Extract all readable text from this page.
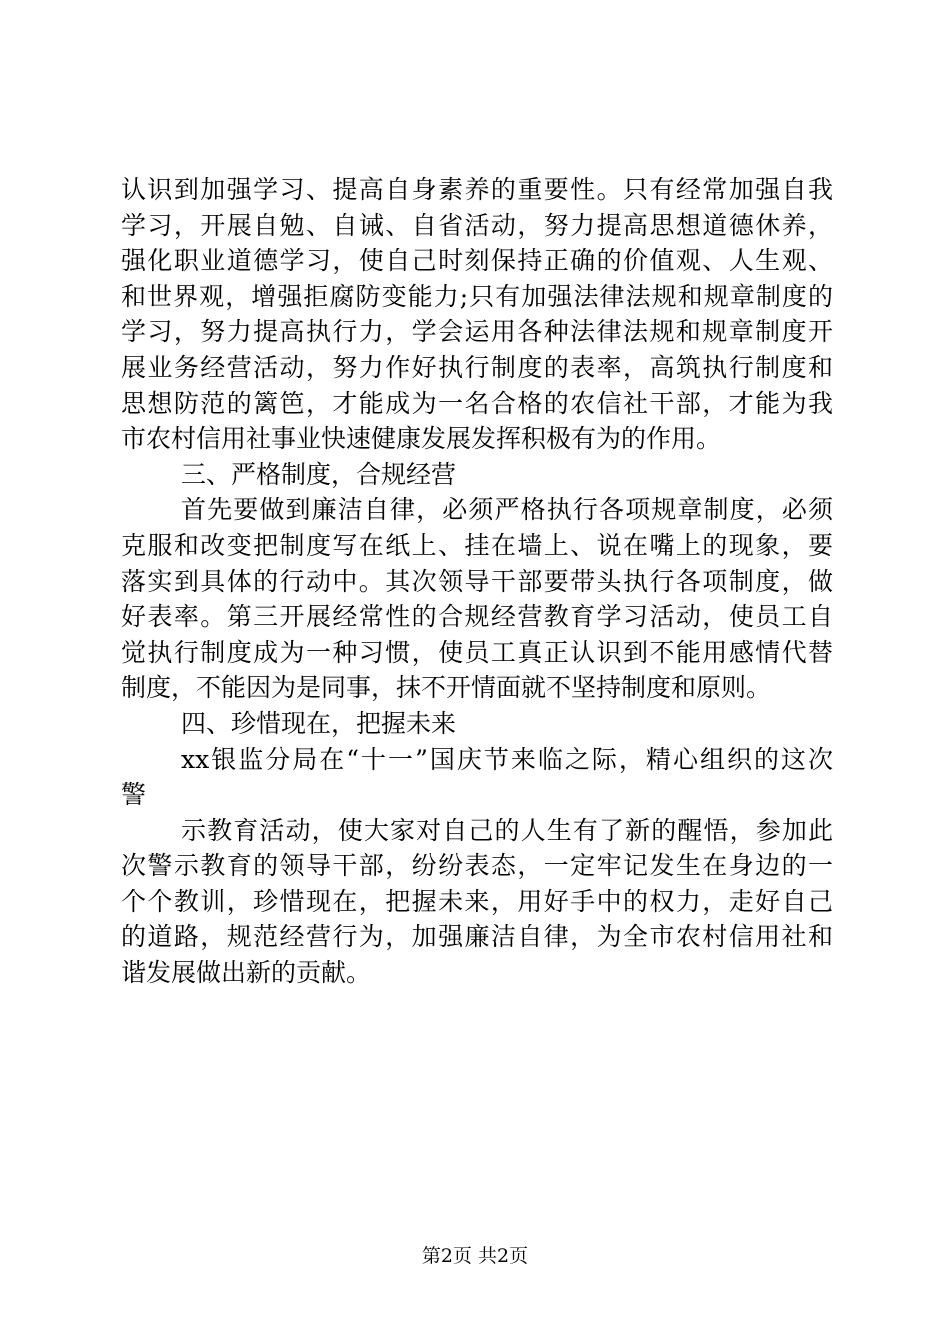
认识到加强学习、提高自身素养的重要性。只有经常加强自我
学习，开展自勉、自诫、自省活动，努力提高思想道德休养，
强化职业道德学习，使自己时刻保持正确的价值观、人生观、
和世界观，增强拒腐防变能力;只有加强法律法规和规章制度的
学习，努力提高执行力，学会运用各种法律法规和规章制度开
展业务经营活动，努力作好执行制度的表率，高筑执行制度和
思想防范的篱笆，才能成为一名合格的农信社干部，才能为我
市农村信用社事业快速健康发展发挥积极有为的作用。
三、严格制度，合规经营
首先要做到廉洁自律，必须严格执行各项规章制度，必须
克服和改变把制度写在纸上、挂在墙上、说在嘴上的现象，要
落实到具体的行动中。其次领导干部要带头执行各项制度，做
好表率。第三开展经常性的合规经营教育学习活动，使员工自
觉执行制度成为一种习惯，使员工真正认识到不能用感情代替
制度，不能因为是同事，抹不开情面就不坚持制度和原则。
四、珍惜现在，把握未来
xx银监分局在“十一”国庆节来临之际，精心组织的这次
警
示教育活动，使大家对自己的人生有了新的醒悟，参加此
次警示教育的领导干部，纷纷表态，一定牢记发生在身边的一
个个教训，珍惜现在，把握未来，用好手中的权力，走好自己
的道路，规范经营行为，加强廉洁自律，为全市农村信用社和
谐发展做出新的贡献。
第2页 共2页
